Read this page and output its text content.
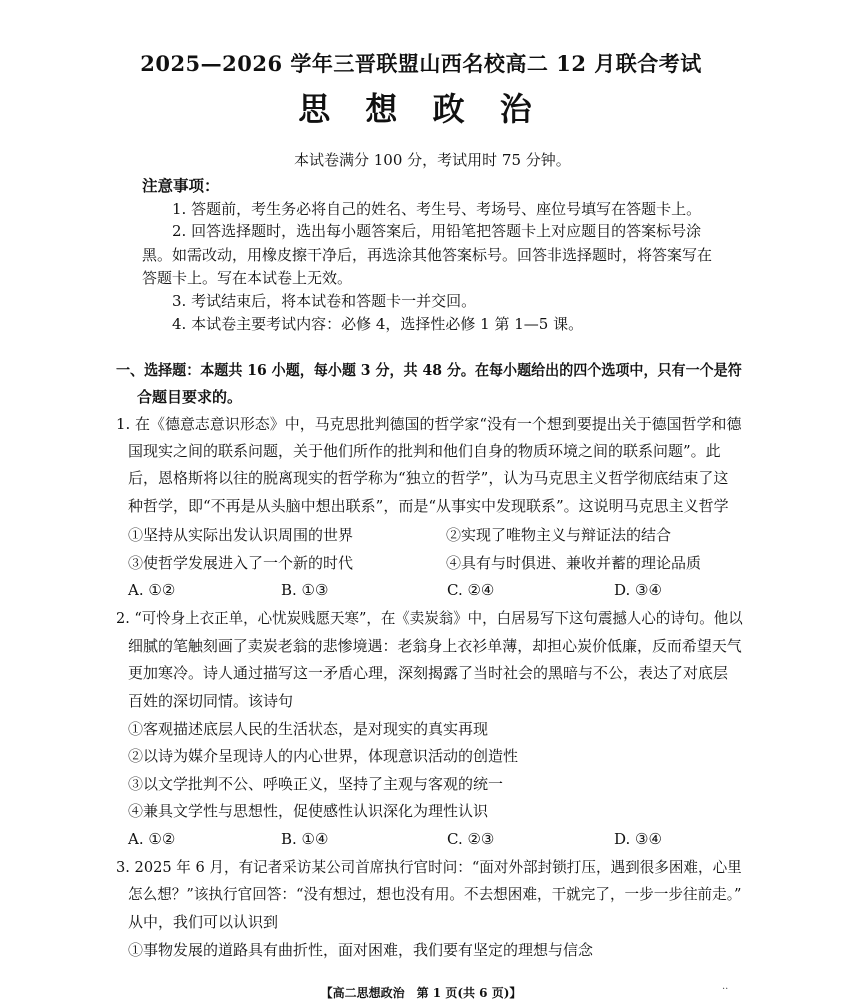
2025—2026 学年三晋联盟山西名校高二 12 月联合考试
思 想 政 治
本试卷满分 100 分，考试用时 75 分钟。
注意事项：
1. 答题前，考生务必将自己的姓名、考生号、考场号、座位号填写在答题卡上。
2. 回答选择题时，选出每小题答案后，用铅笔把答题卡上对应题目的答案标号涂
黑。如需改动，用橡皮擦干净后，再选涂其他答案标号。回答非选择题时，将答案写在
答题卡上。写在本试卷上无效。
3. 考试结束后，将本试卷和答题卡一并交回。
4. 本试卷主要考试内容：必修 4，选择性必修 1 第 1—5 课。
一、选择题：本题共 16 小题，每小题 3 分，共 48 分。在每小题给出的四个选项中，只有一个是符
合题目要求的。
1. 在《德意志意识形态》中，马克思批判德国的哲学家“没有一个想到要提出关于德国哲学和德
国现实之间的联系问题，关于他们所作的批判和他们自身的物质环境之间的联系问题”。此
后，恩格斯将以往的脱离现实的哲学称为“独立的哲学”，认为马克思主义哲学彻底结束了这
种哲学，即“不再是从头脑中想出联系”，而是“从事实中发现联系”。这说明马克思主义哲学
①坚持从实际出发认识周围的世界	②实现了唯物主义与辩证法的结合
③使哲学发展进入了一个新的时代	④具有与时俱进、兼收并蓄的理论品质
A. ①②	B. ①③	C. ②④	D. ③④
2. “可怜身上衣正单，心忧炭贱愿天寒”，在《卖炭翁》中，白居易写下这句震撼人心的诗句。他以
细腻的笔触刻画了卖炭老翁的悲惨境遇：老翁身上衣衫单薄，却担心炭价低廉，反而希望天气
更加寒冷。诗人通过描写这一矛盾心理，深刻揭露了当时社会的黑暗与不公，表达了对底层
百姓的深切同情。该诗句
①客观描述底层人民的生活状态，是对现实的真实再现
②以诗为媒介呈现诗人的内心世界，体现意识活动的创造性
③以文学批判不公、呼唤正义，坚持了主观与客观的统一
④兼具文学性与思想性，促使感性认识深化为理性认识
A. ①②	B. ①④	C. ②③	D. ③④
3. 2025 年 6 月，有记者采访某公司首席执行官时问：“面对外部封锁打压，遇到很多困难，心里
怎么想？”该执行官回答：“没有想过，想也没有用。不去想困难，干就完了，一步一步往前走。”
从中，我们可以认识到
①事物发展的道路具有曲折性，面对困难，我们要有坚定的理想与信念
【高二思想政治　第 1 页(共 6 页)】	··
